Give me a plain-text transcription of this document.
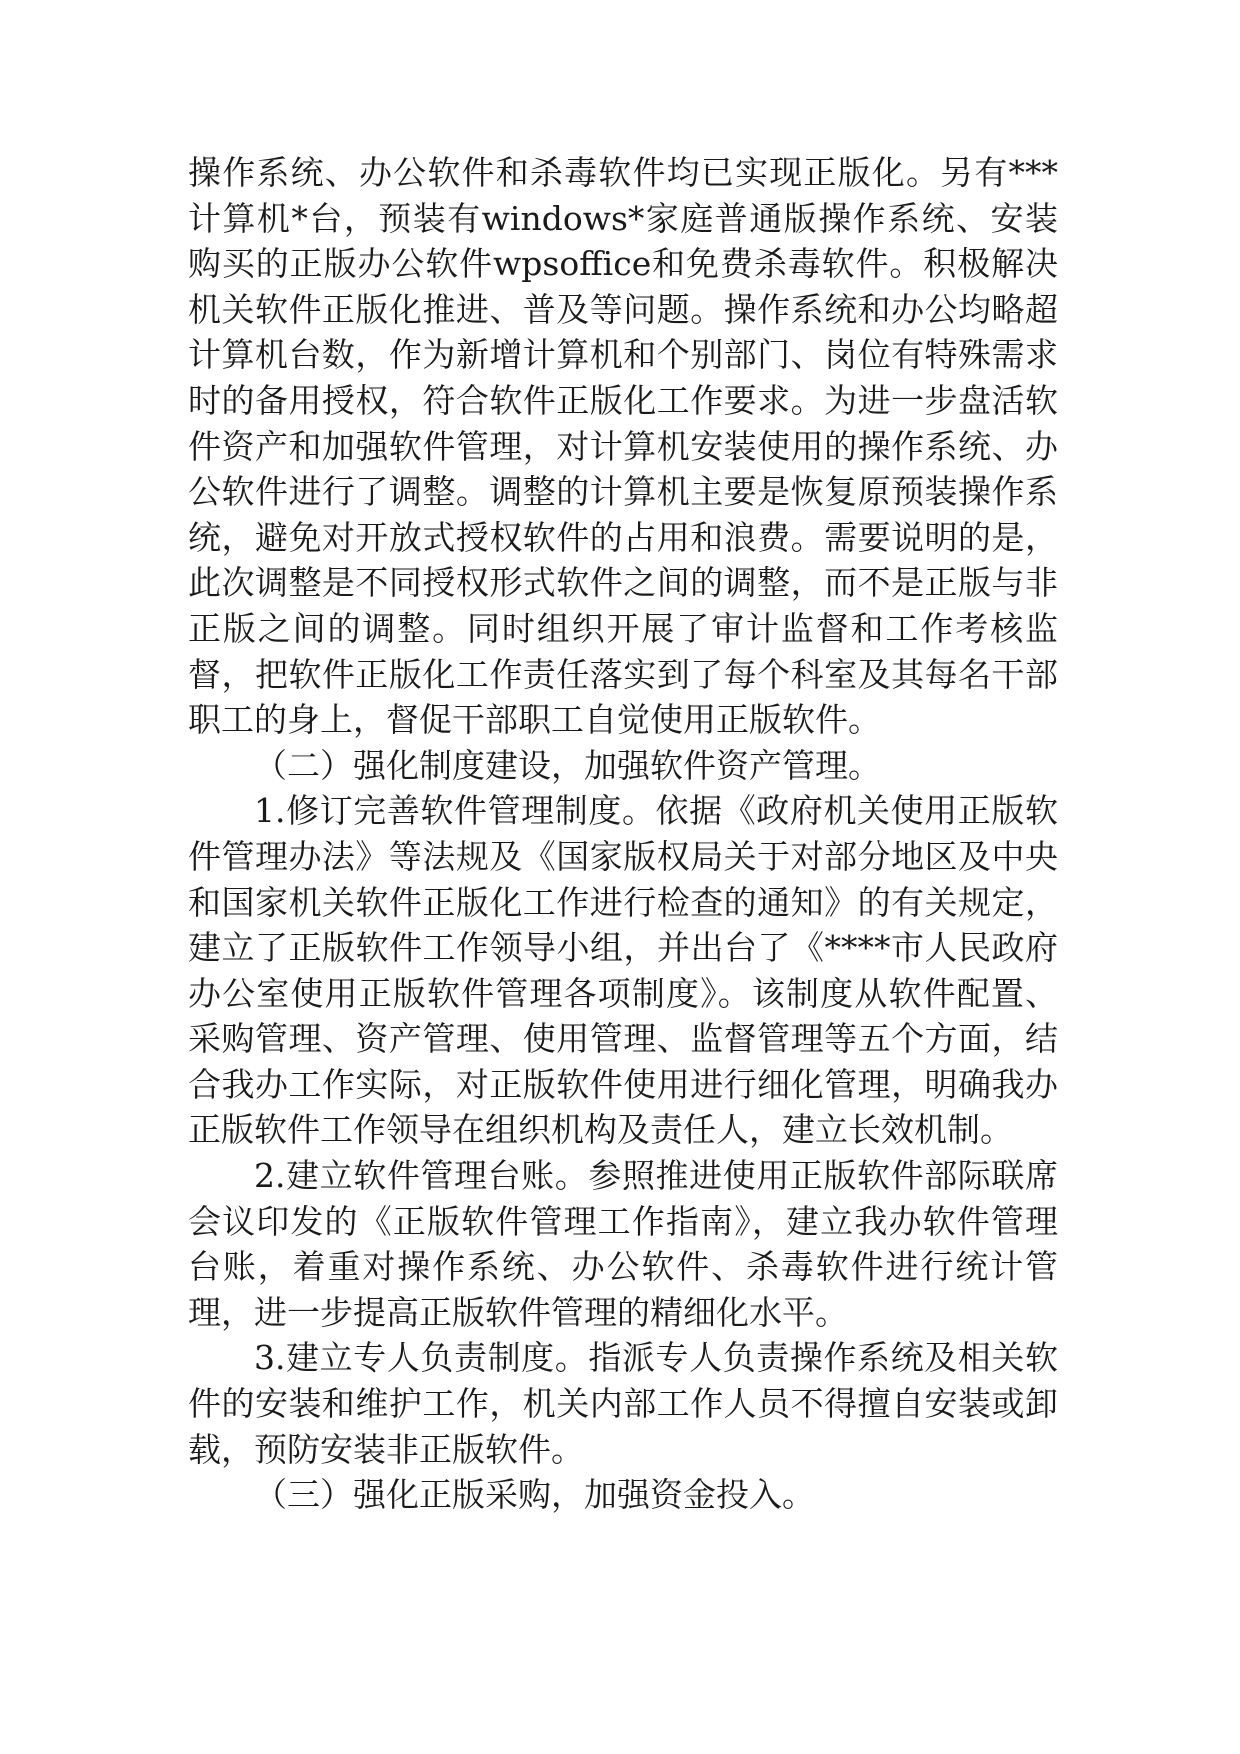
操作系统、办公软件和杀毒软件均已实现正版化。另有***计算机*台，预装有windows*家庭普通版操作系统、安装购买的正版办公软件wpsoffice和免费杀毒软件。积极解决机关软件正版化推进、普及等问题。操作系统和办公均略超计算机台数，作为新增计算机和个别部门、岗位有特殊需求时的备用授权，符合软件正版化工作要求。为进一步盘活软件资产和加强软件管理，对计算机安装使用的操作系统、办公软件进行了调整。调整的计算机主要是恢复原预装操作系统，避免对开放式授权软件的占用和浪费。需要说明的是，此次调整是不同授权形式软件之间的调整，而不是正版与非正版之间的调整。同时组织开展了审计监督和工作考核监督，把软件正版化工作责任落实到了每个科室及其每名干部职工的身上，督促干部职工自觉使用正版软件。

（二）强化制度建设，加强软件资产管理。

1.修订完善软件管理制度。依据《政府机关使用正版软件管理办法》等法规及《国家版权局关于对部分地区及中央和国家机关软件正版化工作进行检查的通知》的有关规定，建立了正版软件工作领导小组，并出台了《****市人民政府办公室使用正版软件管理各项制度》。该制度从软件配置、采购管理、资产管理、使用管理、监督管理等五个方面，结合我办工作实际，对正版软件使用进行细化管理，明确我办正版软件工作领导在组织机构及责任人，建立长效机制。

2.建立软件管理台账。参照推进使用正版软件部际联席会议印发的《正版软件管理工作指南》，建立我办软件管理台账，着重对操作系统、办公软件、杀毒软件进行统计管理，进一步提高正版软件管理的精细化水平。

3.建立专人负责制度。指派专人负责操作系统及相关软件的安装和维护工作，机关内部工作人员不得擅自安装或卸载，预防安装非正版软件。

（三）强化正版采购，加强资金投入。
